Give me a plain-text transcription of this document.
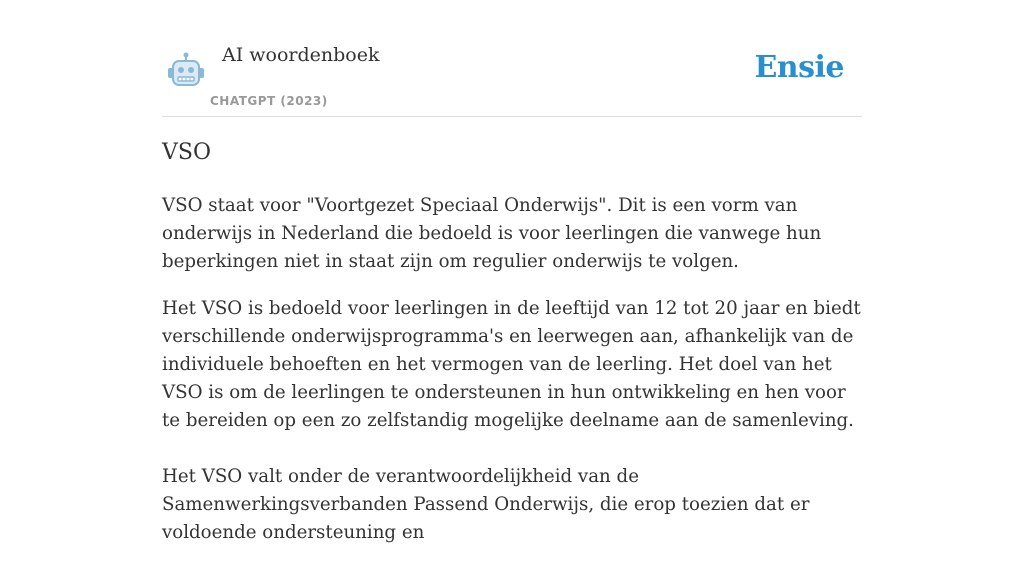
AI woordenboek
CHATGPT (2023)
Ensie
VSO

VSO staat voor "Voortgezet Speciaal Onderwijs". Dit is een vorm van onderwijs in Nederland die bedoeld is voor leerlingen die vanwege hun beperkingen niet in staat zijn om regulier onderwijs te volgen.

Het VSO is bedoeld voor leerlingen in de leeftijd van 12 tot 20 jaar en biedt verschillende onderwijsprogramma's en leerwegen aan, afhankelijk van de individuele behoeften en het vermogen van de leerling. Het doel van het VSO is om de leerlingen te ondersteunen in hun ontwikkeling en hen voor te bereiden op een zo zelfstandig mogelijke deelname aan de samenleving.

Het VSO valt onder de verantwoordelijkheid van de Samenwerkingsverbanden Passend Onderwijs, die erop toezien dat er voldoende ondersteuning en
